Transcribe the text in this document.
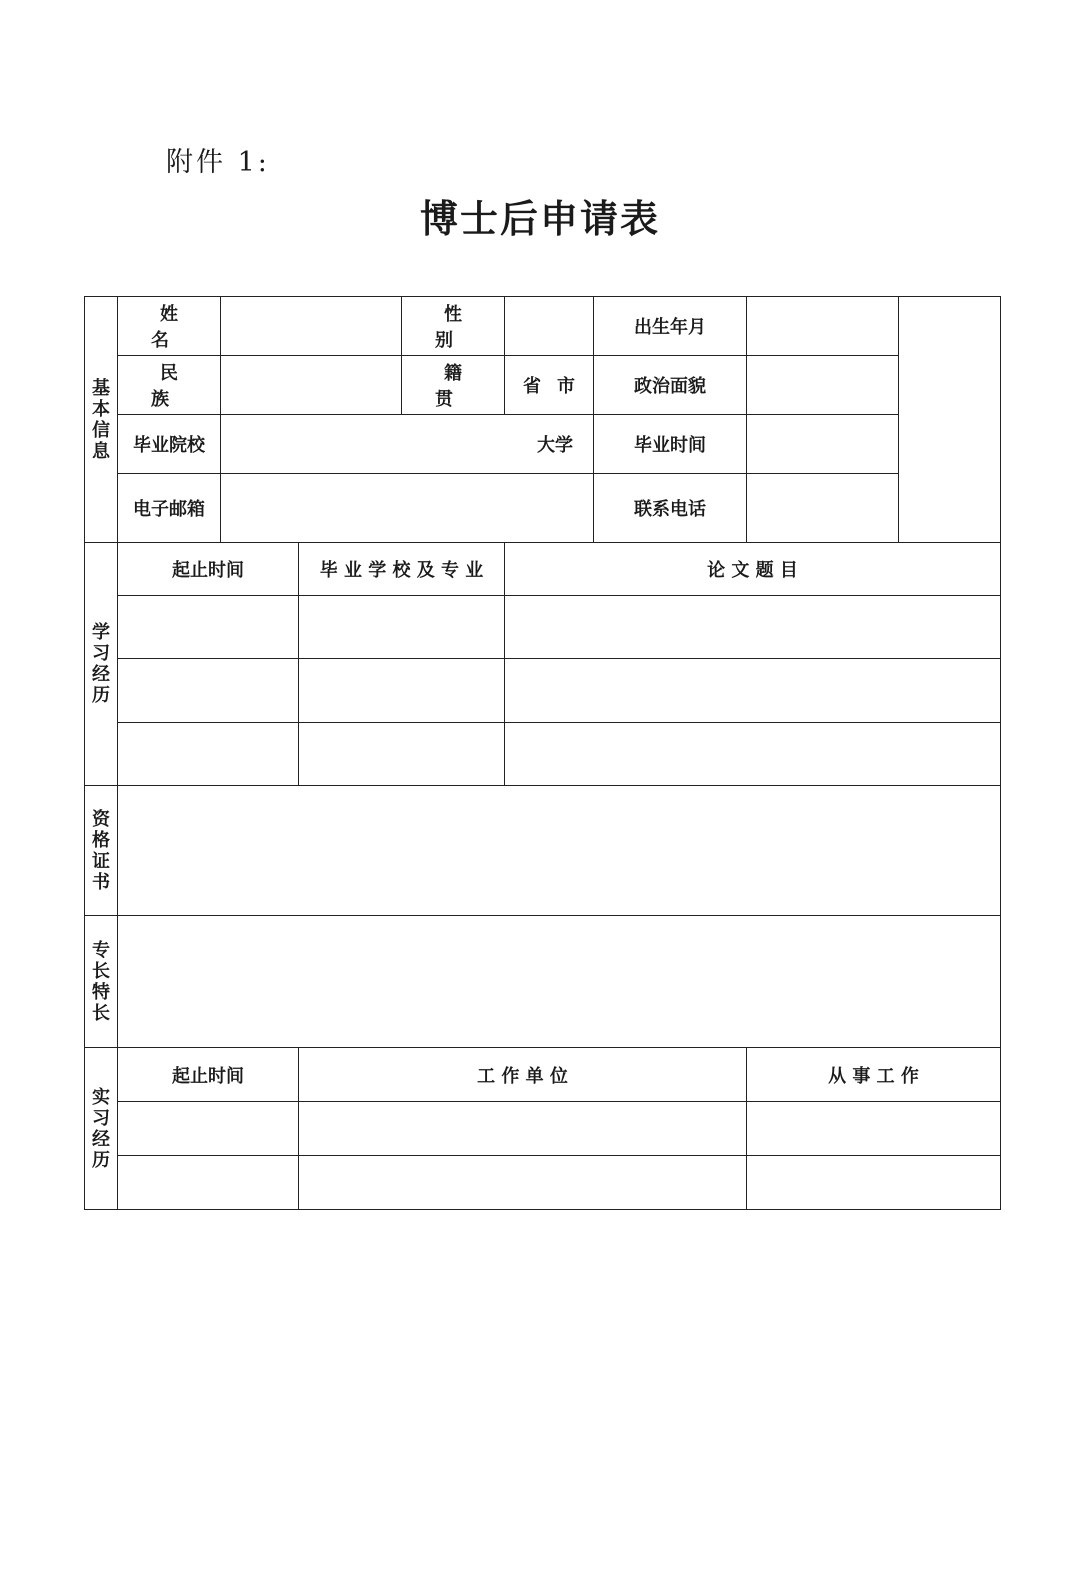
附件 1:
博士后申请表
基
本
信
息	姓 名			性 别		出生年月		
	民 族			籍 贯	省 市	政治面貌		
	毕业院校	大学				毕业时间		
	电子邮箱					联系电话		

学
习
经
历	起止时间		毕 业 学 校 及 专 业		论 文 题 目			

资
格
证
书								

专
长
特
长								

实
习
经
历	起止时间		工 作 单 位				从 事 工 作	
